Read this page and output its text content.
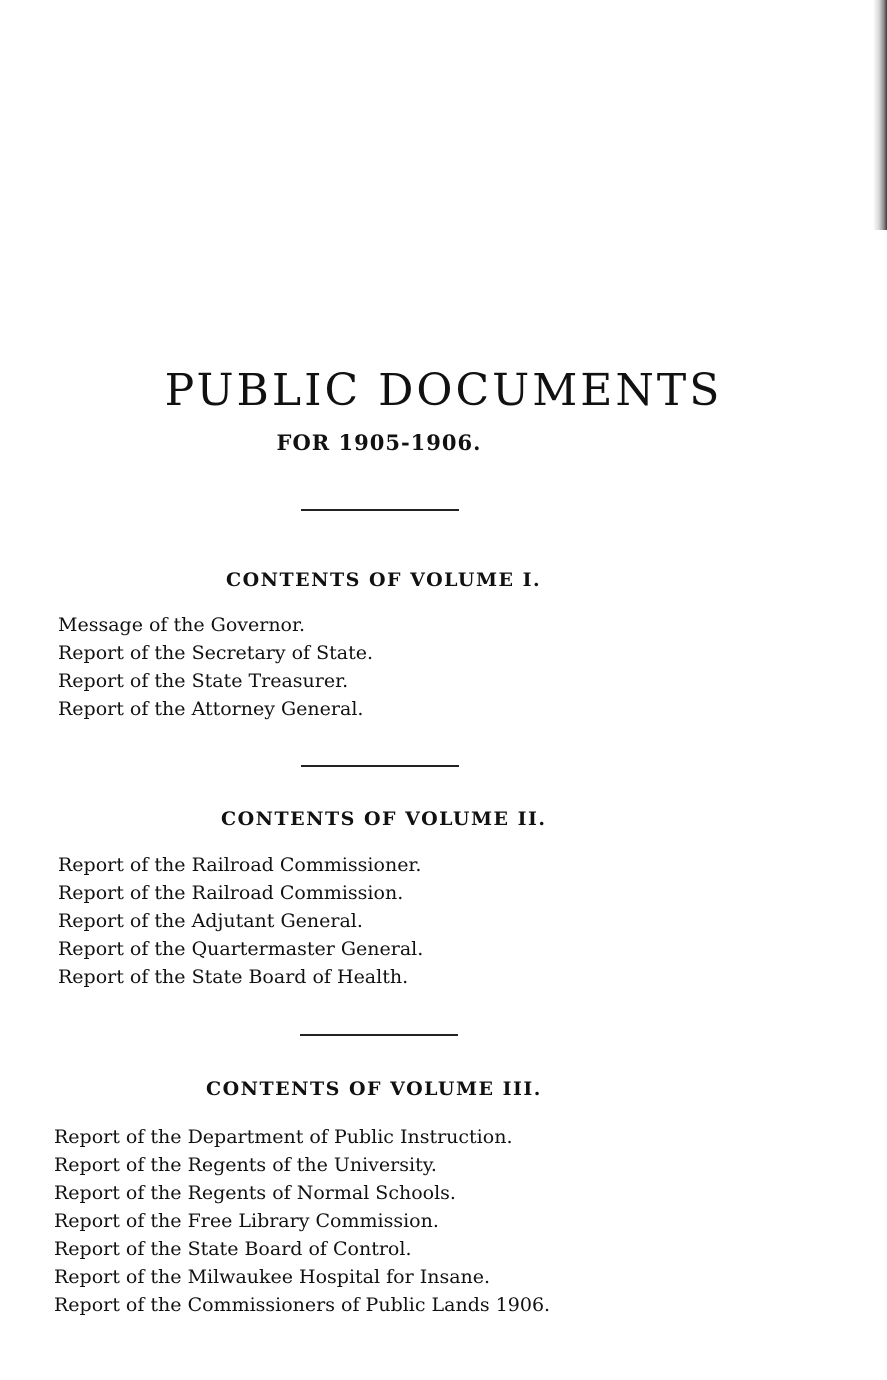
PUBLIC DOCUMENTS
FOR 1905-1906.
CONTENTS OF VOLUME I.
Message of the Governor.
Report of the Secretary of State.
Report of the State Treasurer.
Report of the Attorney General.
CONTENTS OF VOLUME II.
Report of the Railroad Commissioner.
Report of the Railroad Commission.
Report of the Adjutant General.
Report of the Quartermaster General.
Report of the State Board of Health.
CONTENTS OF VOLUME III.
Report of the Department of Public Instruction.
Report of the Regents of the University.
Report of the Regents of Normal Schools.
Report of the Free Library Commission.
Report of the State Board of Control.
Report of the Milwaukee Hospital for Insane.
Report of the Commissioners of Public Lands 1906.
